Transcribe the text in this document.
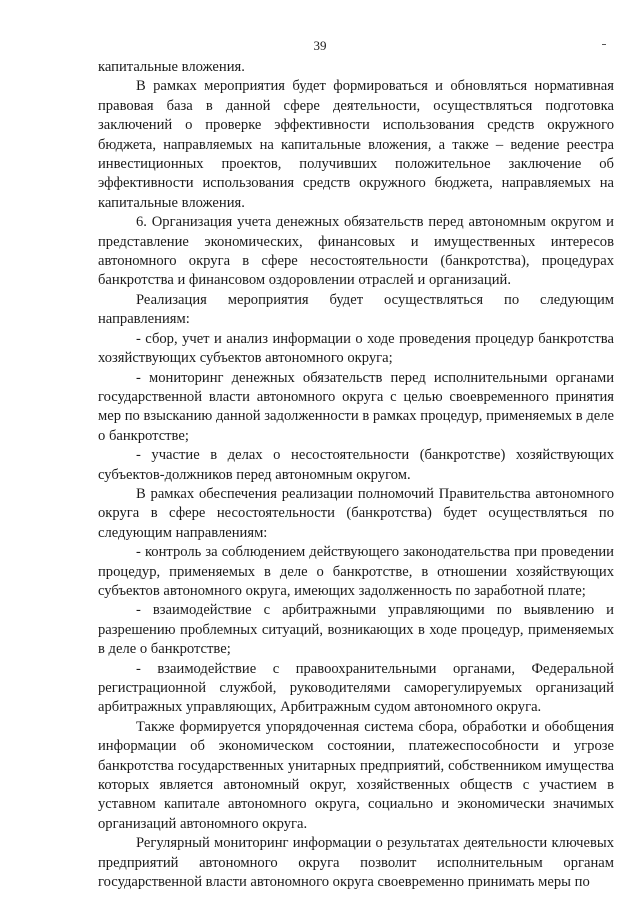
39

капитальные вложения.

В рамках мероприятия будет формироваться и обновляться нормативная правовая база в данной сфере деятельности, осуществляться подготовка заключений о проверке эффективности использования средств окружного бюджета, направляемых на капитальные вложения, а также – ведение реестра инвестиционных проектов, получивших положительное заключение об эффективности использования средств окружного бюджета, направляемых на капитальные вложения.

6. Организация учета денежных обязательств перед автономным округом и представление экономических, финансовых и имущественных интересов автономного округа в сфере несостоятельности (банкротства), процедурах банкротства и финансовом оздоровлении отраслей и организаций.

Реализация мероприятия будет осуществляться по следующим направлениям:

- сбор, учет и анализ информации о ходе проведения процедур банкротства хозяйствующих субъектов автономного округа;

- мониторинг денежных обязательств перед исполнительными органами государственной власти автономного округа с целью своевременного принятия мер по взысканию данной задолженности в рамках процедур, применяемых в деле о банкротстве;

- участие в делах о несостоятельности (банкротстве) хозяйствующих субъектов-должников перед автономным округом.

В рамках обеспечения реализации полномочий Правительства автономного округа в сфере несостоятельности (банкротства) будет осуществляться по следующим направлениям:

- контроль за соблюдением действующего законодательства при проведении процедур, применяемых в деле о банкротстве, в отношении хозяйствующих субъектов автономного округа, имеющих задолженность по заработной плате;

- взаимодействие с арбитражными управляющими по выявлению и разрешению проблемных ситуаций, возникающих в ходе процедур, применяемых в деле о банкротстве;

- взаимодействие с правоохранительными органами, Федеральной регистрационной службой, руководителями саморегулируемых организаций арбитражных управляющих, Арбитражным судом автономного округа.

Также формируется упорядоченная система сбора, обработки и обобщения информации об экономическом состоянии, платежеспособности и угрозе банкротства государственных унитарных предприятий, собственником имущества которых является автономный округ, хозяйственных обществ с участием в уставном капитале автономного округа, социально и экономически значимых организаций автономного округа.

Регулярный мониторинг информации о результатах деятельности ключевых предприятий автономного округа позволит исполнительным органам государственной власти автономного округа своевременно принимать меры по
